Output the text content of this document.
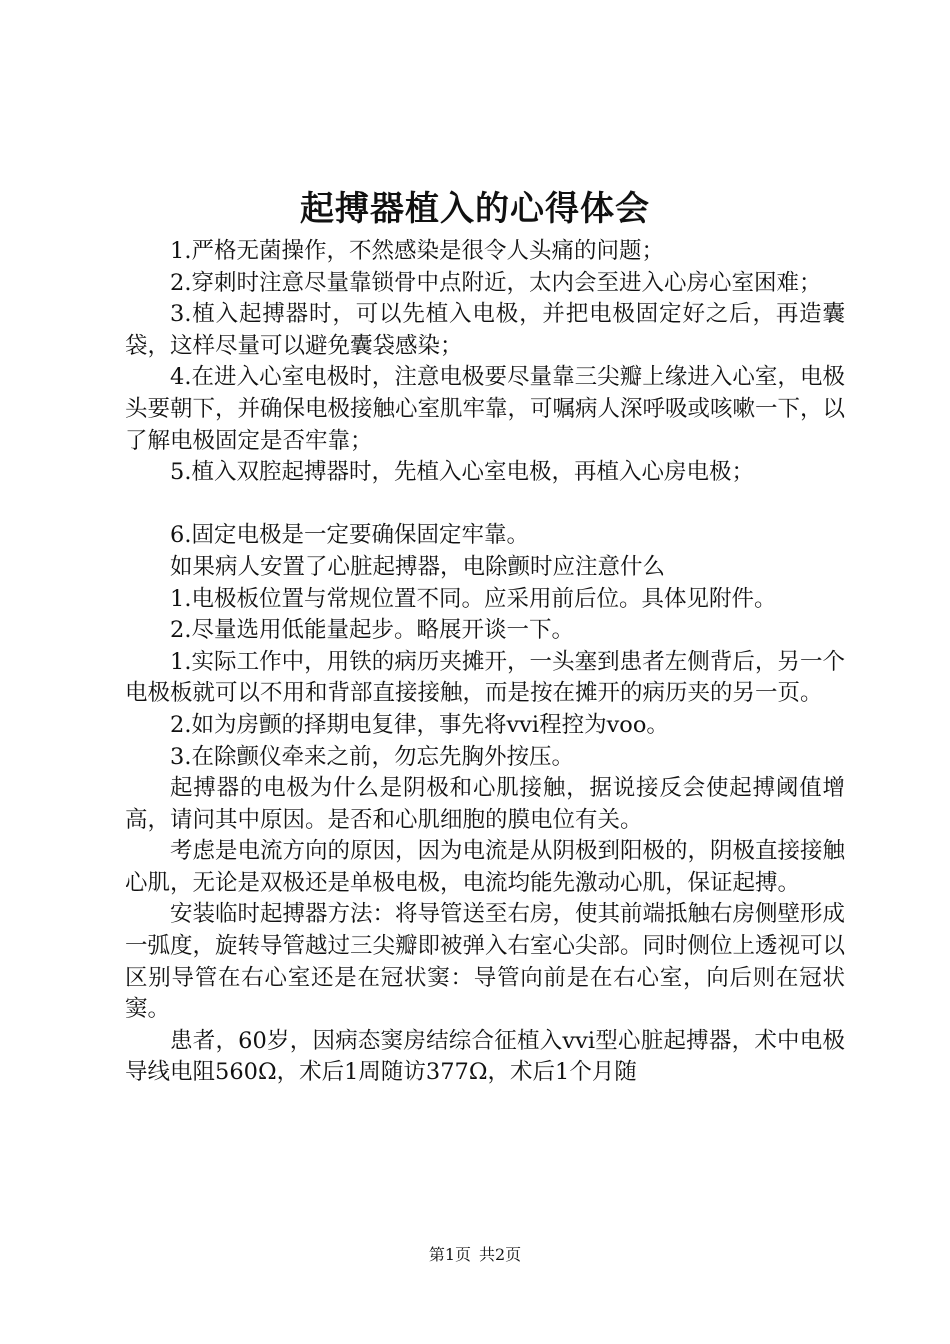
起搏器植入的心得体会

1.严格无菌操作，不然感染是很令人头痛的问题；

2.穿刺时注意尽量靠锁骨中点附近，太内会至进入心房心室困难；

3.植入起搏器时，可以先植入电极，并把电极固定好之后，再造囊袋，这样尽量可以避免囊袋感染；

4.在进入心室电极时，注意电极要尽量靠三尖瓣上缘进入心室，电极头要朝下，并确保电极接触心室肌牢靠，可嘱病人深呼吸或咳嗽一下，以了解电极固定是否牢靠；

5.植入双腔起搏器时，先植入心室电极，再植入心房电极；

6.固定电极是一定要确保固定牢靠。

如果病人安置了心脏起搏器，电除颤时应注意什么

1.电极板位置与常规位置不同。应采用前后位。具体见附件。

2.尽量选用低能量起步。略展开谈一下。

1.实际工作中，用铁的病历夹摊开，一头塞到患者左侧背后，另一个电极板就可以不用和背部直接接触，而是按在摊开的病历夹的另一页。

2.如为房颤的择期电复律，事先将vvi程控为voo。

3.在除颤仪牵来之前，勿忘先胸外按压。

起搏器的电极为什么是阴极和心肌接触，据说接反会使起搏阈值增高，请问其中原因。是否和心肌细胞的膜电位有关。

考虑是电流方向的原因，因为电流是从阴极到阳极的，阴极直接接触心肌，无论是双极还是单极电极，电流均能先激动心肌，保证起搏。

安装临时起搏器方法：将导管送至右房，使其前端抵触右房侧壁形成一弧度，旋转导管越过三尖瓣即被弹入右室心尖部。同时侧位上透视可以区别导管在右心室还是在冠状窦：导管向前是在右心室，向后则在冠状窦。

患者，60岁，因病态窦房结综合征植入vvi型心脏起搏器，术中电极导线电阻560Ω，术后1周随访377Ω，术后1个月随

第1页 共2页
